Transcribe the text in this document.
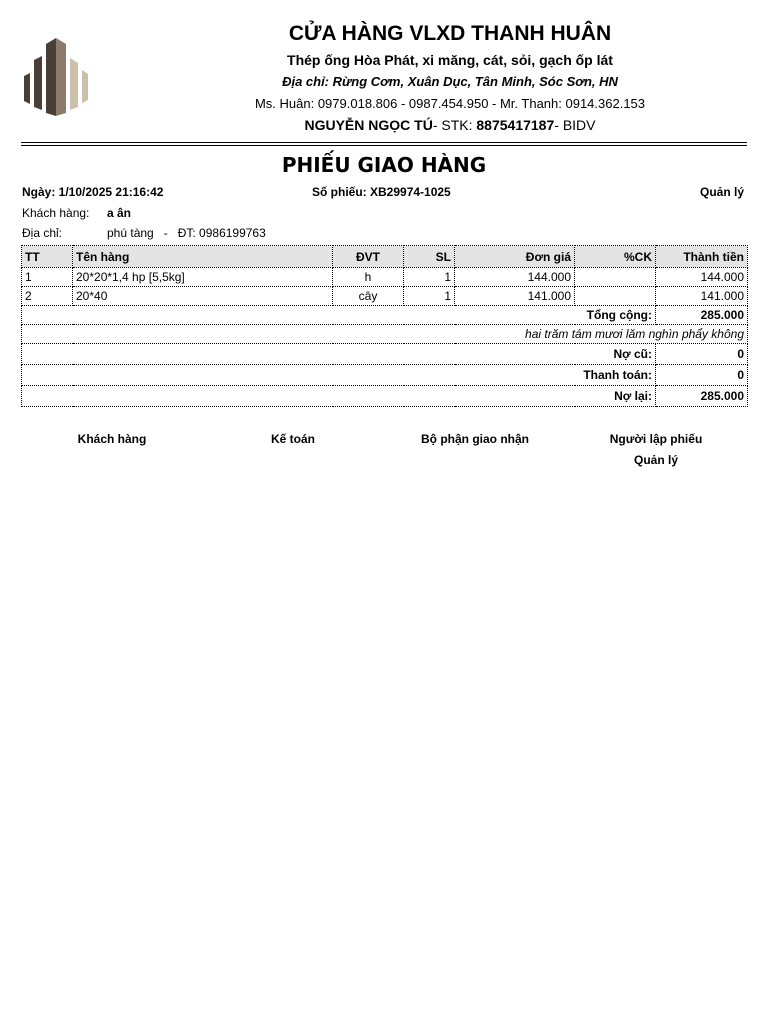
CỬA HÀNG VLXD THANH HUÂN
Thép ống Hòa Phát, xi măng, cát, sỏi, gạch ốp lát
Địa chỉ: Rừng Cơm, Xuân Dục, Tân Minh, Sóc Sơn, HN
Ms. Huân: 0979.018.806 - 0987.454.950 - Mr. Thanh: 0914.362.153
NGUYỄN NGỌC TÚ- STK: 8875417187- BIDV
PHIẾU GIAO HÀNG
Ngày: 1/10/2025 21:16:42	Số phiếu: XB29974-1025	Quản lý
Khách hàng: a ân
Địa chỉ:	phú tàng   -   ĐT: 0986199763
TT	Tên hàng	ĐVT	SL	Đơn giá	%CK	Thành tiền
1	20*20*1,4 hp [5,5kg]	h	1	144.000		144.000
2	20*40	cây	1	141.000		141.000
Tổng cộng:						285.000
hai trăm tám mươi lăm nghìn phẩy không						
Nợ cũ:						0
Thanh toán:						0
Nợ lại:						285.000
Khách hàng	Kế toán	Bộ phận giao nhận	Người lập phiếu
Quản lý
